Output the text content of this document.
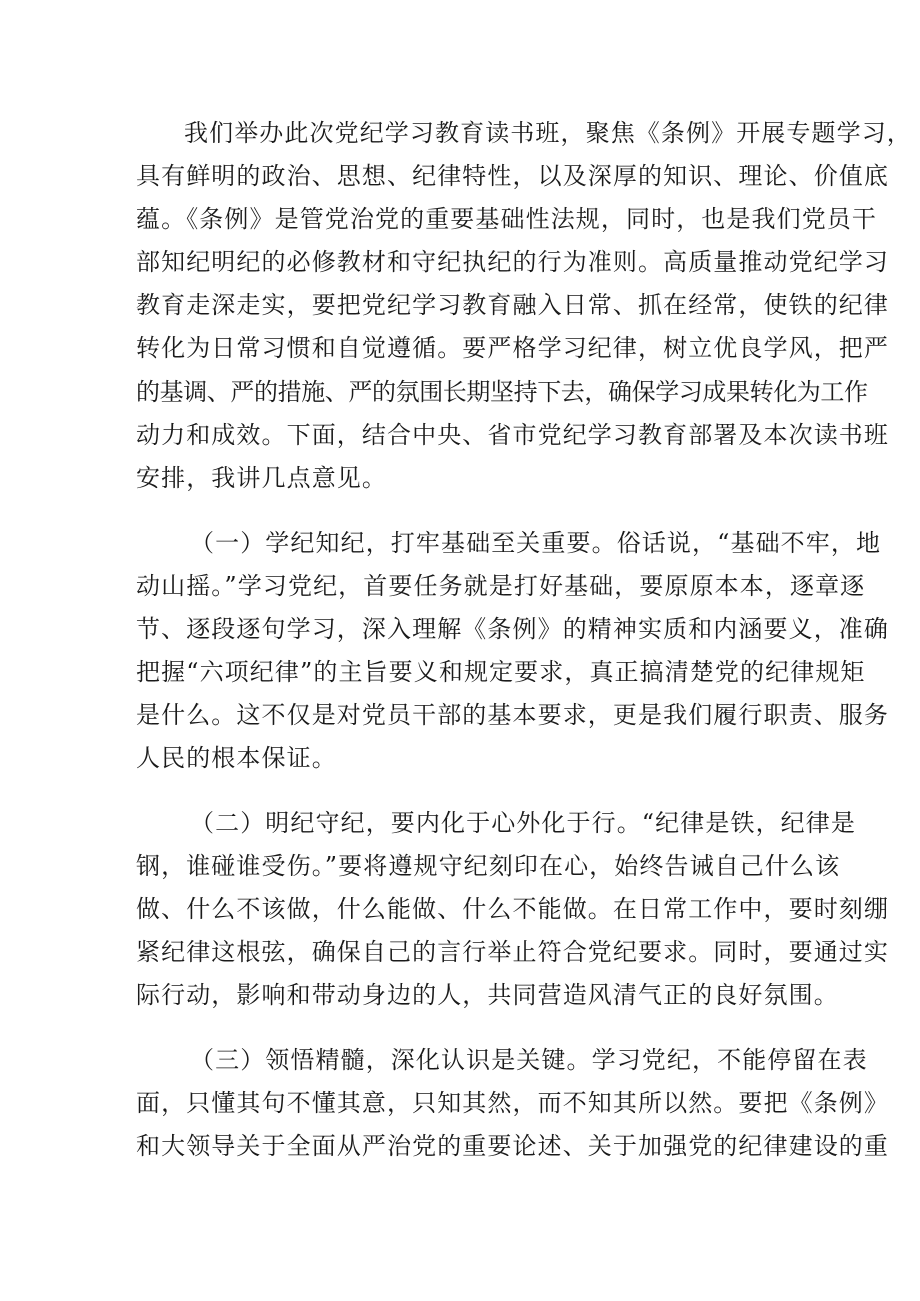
我们举办此次党纪学习教育读书班，聚焦《条例》开展专题学习，

具有鲜明的政治、思想、纪律特性，以及深厚的知识、理论、价值底

蕴。《条例》是管党治党的重要基础性法规，同时，也是我们党员干

部知纪明纪的必修教材和守纪执纪的行为准则。高质量推动党纪学习

教育走深走实，要把党纪学习教育融入日常、抓在经常，使铁的纪律

转化为日常习惯和自觉遵循。要严格学习纪律，树立优良学风，把严

的基调、严的措施、严的氛围长期坚持下去，确保学习成果转化为工作

动力和成效。下面，结合中央、省市党纪学习教育部署及本次读书班

安排，我讲几点意见。

（一）学纪知纪，打牢基础至关重要。俗话说，“基础不牢，地

动山摇。”学习党纪，首要任务就是打好基础，要原原本本，逐章逐

节、逐段逐句学习，深入理解《条例》的精神实质和内涵要义，准确

把握“六项纪律”的主旨要义和规定要求，真正搞清楚党的纪律规矩

是什么。这不仅是对党员干部的基本要求，更是我们履行职责、服务

人民的根本保证。

（二）明纪守纪，要内化于心外化于行。“纪律是铁，纪律是

钢，谁碰谁受伤。”要将遵规守纪刻印在心，始终告诫自己什么该

做、什么不该做，什么能做、什么不能做。在日常工作中，要时刻绷

紧纪律这根弦，确保自己的言行举止符合党纪要求。同时，要通过实

际行动，影响和带动身边的人，共同营造风清气正的良好氛围。

（三）领悟精髓，深化认识是关键。学习党纪，不能停留在表

面，只懂其句不懂其意，只知其然，而不知其所以然。要把《条例》

和大领导关于全面从严治党的重要论述、关于加强党的纪律建设的重
